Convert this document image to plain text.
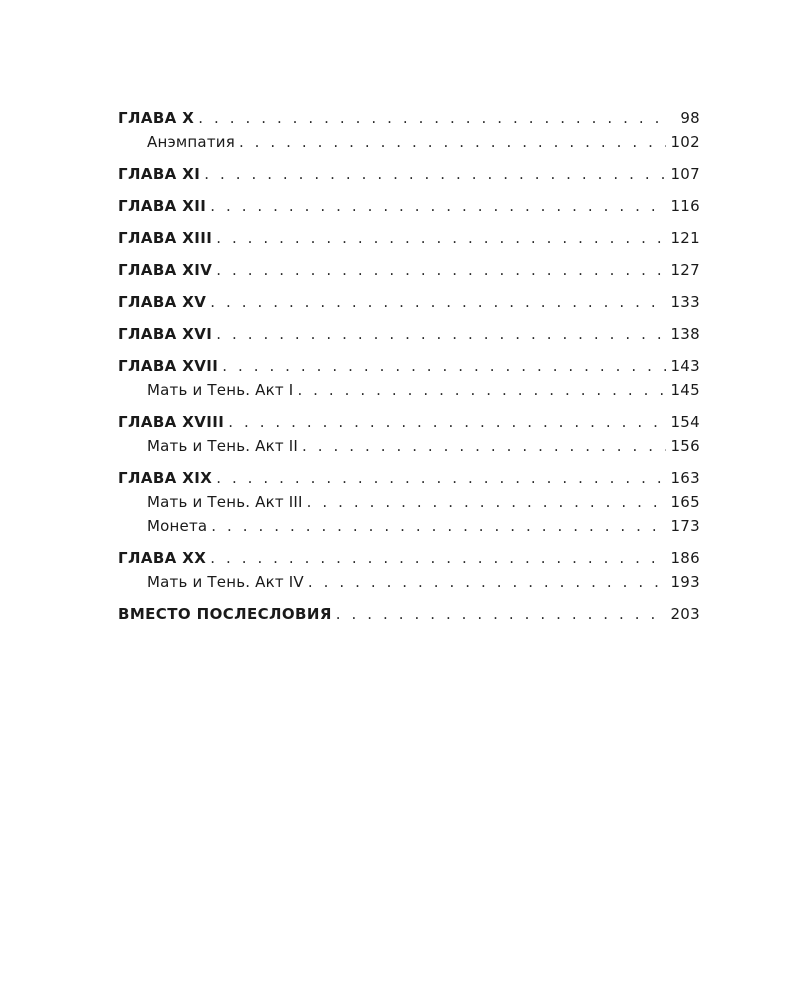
ГЛАВА X . . .	98
Анэмпатия . . .	102
ГЛАВА XI . . .	107
ГЛАВА XII . . .	116
ГЛАВА XIII . . .	121
ГЛАВА XIV . . .	127
ГЛАВА XV . . .	133
ГЛАВА XVI . . .	138
ГЛАВА XVII . . .	143
Мать и Тень. Акт I . . .	145
ГЛАВА XVIII . . .	154
Мать и Тень. Акт II . . .	156
ГЛАВА XIX . . .	163
Мать и Тень. Акт III . . .	165
Монета . . .	173
ГЛАВА XX . . .	186
Мать и Тень. Акт IV . . .	193
ВМЕСТО ПОСЛЕСЛОВИЯ . . .	203
